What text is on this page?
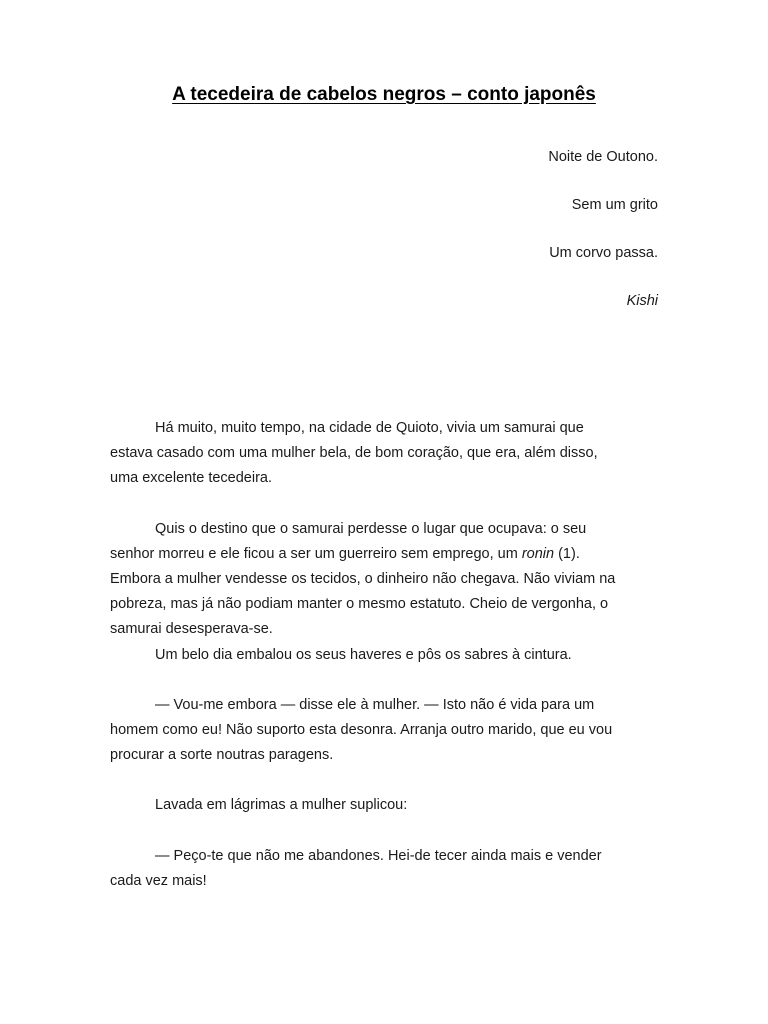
A tecedeira de cabelos negros – conto japonês

Noite de Outono.

Sem um grito

Um corvo passa.

Kishi

Há muito, muito tempo, na cidade de Quioto, vivia um samurai que

estava casado com uma mulher bela, de bom coração, que era, além disso,
uma excelente tecedeira.

Quis o destino que o samurai perdesse o lugar que ocupava: o seu

senhor morreu e ele ficou a ser um guerreiro sem emprego, um ronin (1).
Embora a mulher vendesse os tecidos, o dinheiro não chegava. Não viviam na
pobreza, mas já não podiam manter o mesmo estatuto. Cheio de vergonha, o
samurai desesperava-se.

Um belo dia embalou os seus haveres e pôs os sabres à cintura.

— Vou-me embora — disse ele à mulher. — Isto não é vida para um

homem como eu! Não suporto esta desonra. Arranja outro marido, que eu vou
procurar a sorte noutras paragens.

Lavada em lágrimas a mulher suplicou:

— Peço-te que não me abandones. Hei-de tecer ainda mais e vender

cada vez mais!
